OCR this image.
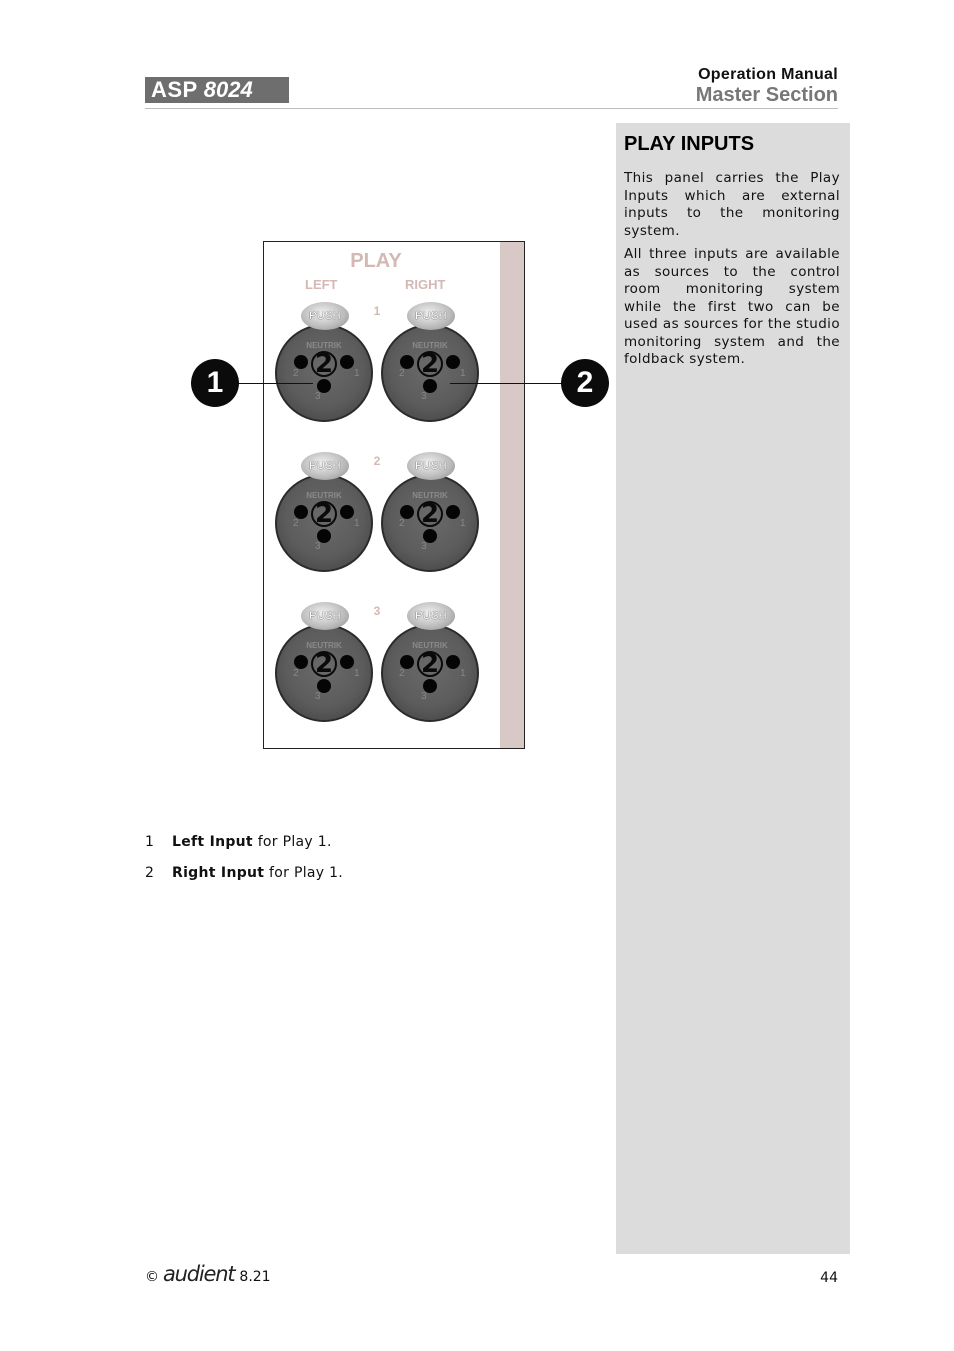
ASP 8024
Operation Manual
Master Section
PLAY INPUTS

This panel carries the Play Inputs which are external inputs to the monitoring system.

All three inputs are available as sources to the control room monitoring system while the first two can be used as sources for the studio monitoring system and the foldback system.

PLAY
LEFT	RIGHT
1
2
3
NEUTRIK
2
2	1
3
PUSH
NEUTRIK
2
2	1
3
PUSH
NEUTRIK
2
2	1
3
PUSH
NEUTRIK
2
2	1
3
PUSH
NEUTRIK
2
2	1
3
PUSH
NEUTRIK
2
2	1
3
PUSH
1	2
1	Left Input for Play 1.
2	Right Input for Play 1.
© audient 8.21	44
